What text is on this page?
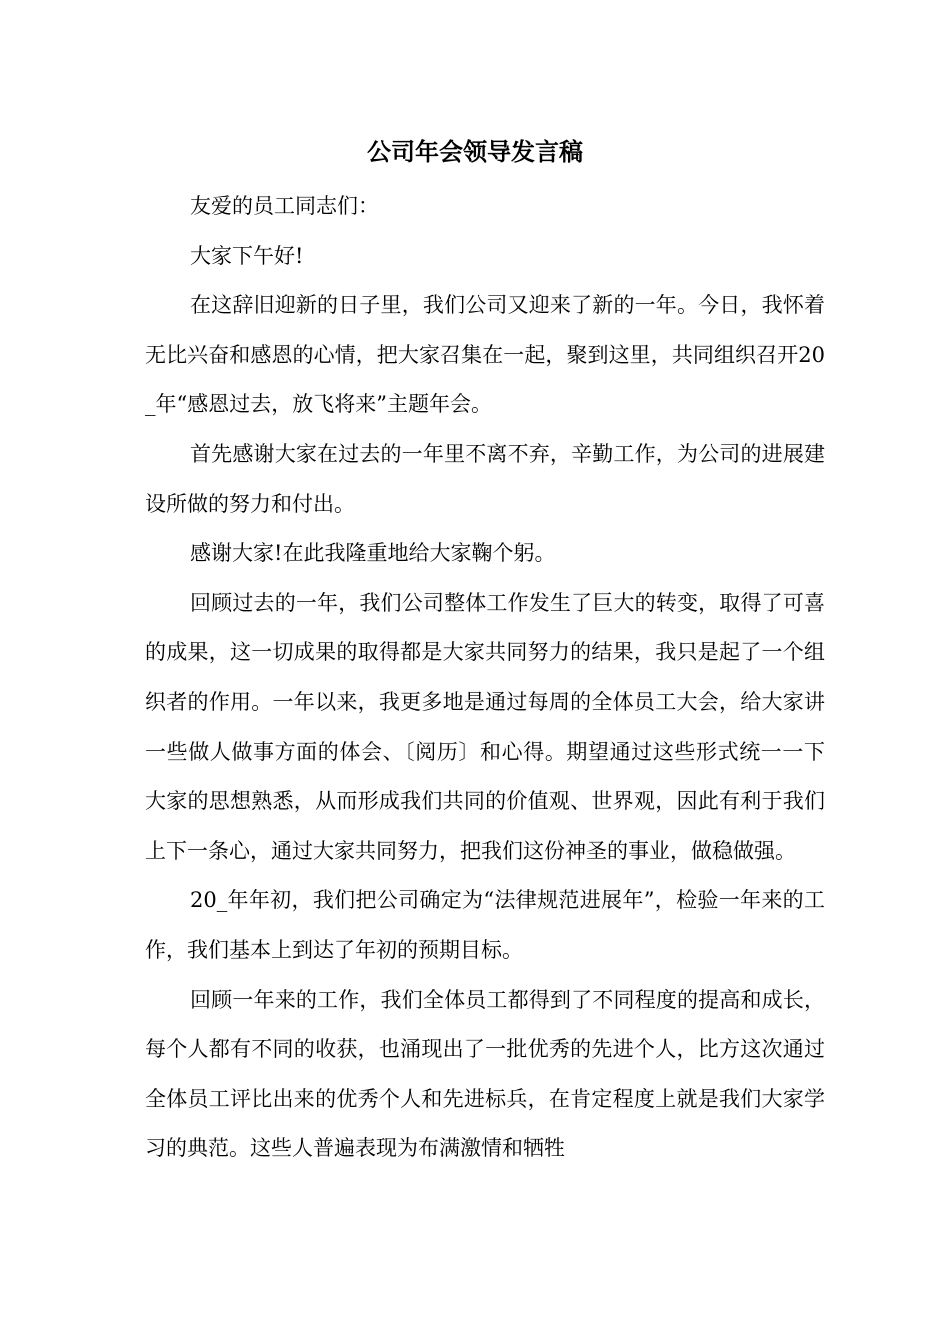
公司年会领导发言稿

友爱的员工同志们：

大家下午好!

在这辞旧迎新的日子里，我们公司又迎来了新的一年。今日，我怀着无比兴奋和感恩的心情，把大家召集在一起，聚到这里，共同组织召开20_年“感恩过去，放飞将来”主题年会。

首先感谢大家在过去的一年里不离不弃，辛勤工作，为公司的进展建设所做的努力和付出。

感谢大家!在此我隆重地给大家鞠个躬。

回顾过去的一年，我们公司整体工作发生了巨大的转变，取得了可喜的成果，这一切成果的取得都是大家共同努力的结果，我只是起了一个组织者的作用。一年以来，我更多地是通过每周的全体员工大会，给大家讲一些做人做事方面的体会、〔阅历〕和心得。期望通过这些形式统一一下大家的思想熟悉，从而形成我们共同的价值观、世界观，因此有利于我们上下一条心，通过大家共同努力，把我们这份神圣的事业，做稳做强。

20_年年初，我们把公司确定为“法律规范进展年”，检验一年来的工作，我们基本上到达了年初的预期目标。

回顾一年来的工作，我们全体员工都得到了不同程度的提高和成长，每个人都有不同的收获，也涌现出了一批优秀的先进个人，比方这次通过全体员工评比出来的优秀个人和先进标兵，在肯定程度上就是我们大家学习的典范。这些人普遍表现为布满激情和牺牲
